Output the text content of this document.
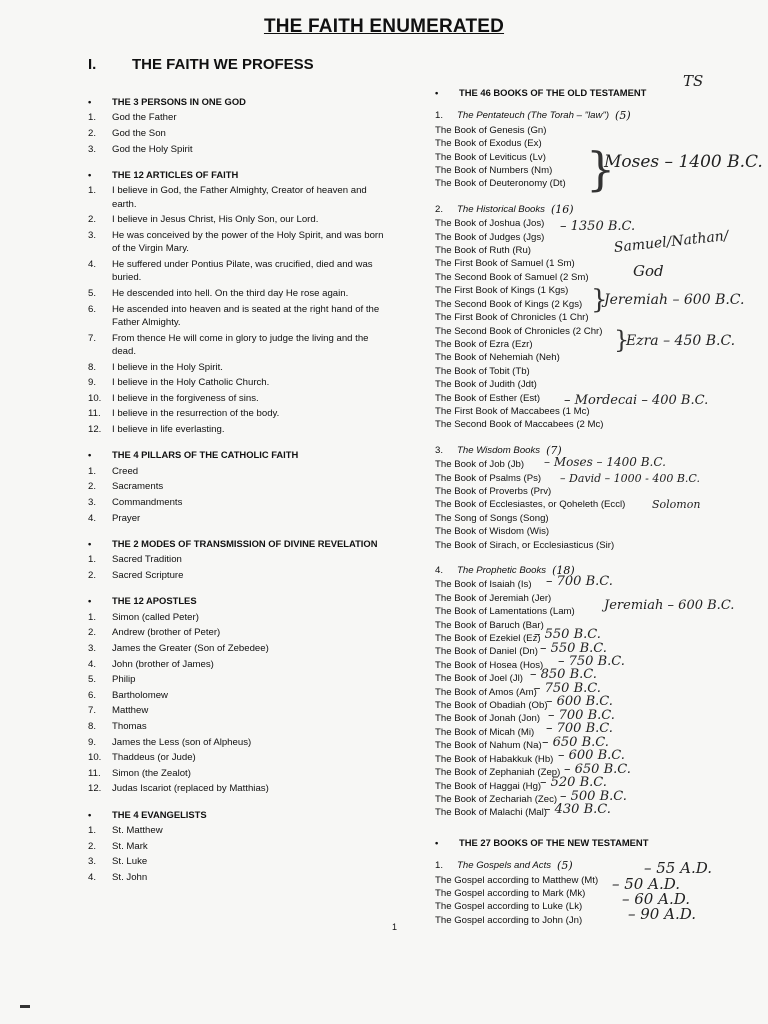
THE FAITH ENUMERATED
I. THE FAITH WE PROFESS
•	THE 3 PERSONS IN ONE GOD
1.	God the Father
2.	God the Son
3.	God the Holy Spirit
•	THE 12 ARTICLES OF FAITH
1.	I believe in God, the Father Almighty, Creator of heaven and earth.
2.	I believe in Jesus Christ, His Only Son, our Lord.
3.	He was conceived by the power of the Holy Spirit, and was born of the Virgin Mary.
4.	He suffered under Pontius Pilate, was crucified, died and was buried.
5.	He descended into hell. On the third day He rose again.
6.	He ascended into heaven and is seated at the right hand of the Father Almighty.
7.	From thence He will come in glory to judge the living and the dead.
8.	I believe in the Holy Spirit.
9.	I believe in the Holy Catholic Church.
10.	I believe in the forgiveness of sins.
11.	I believe in the resurrection of the body.
12.	I believe in life everlasting.
•	THE 4 PILLARS OF THE CATHOLIC FAITH
1.	Creed
2.	Sacraments
3.	Commandments
4.	Prayer
•	THE 2 MODES OF TRANSMISSION OF DIVINE REVELATION
1.	Sacred Tradition
2.	Sacred Scripture
•	THE 12 APOSTLES
1.	Simon (called Peter)
2.	Andrew (brother of Peter)
3.	James the Greater (Son of Zebedee)
4.	John (brother of James)
5.	Philip
6.	Bartholomew
7.	Matthew
8.	Thomas
9.	James the Less (son of Alpheus)
10.	Thaddeus (or Jude)
11.	Simon (the Zealot)
12.	Judas Iscariot (replaced by Matthias)
•	THE 4 EVANGELISTS
1.	St. Matthew
2.	St. Mark
3.	St. Luke
4.	St. John
•	THE 46 BOOKS OF THE OLD TESTAMENT
1.	The Pentateuch (The Torah – "law") (5)
The Book of Genesis (Gn)
The Book of Exodus (Ex)
The Book of Leviticus (Lv)
The Book of Numbers (Nm)
The Book of Deuteronomy (Dt)
2.	The Historical Books (16)
The Book of Joshua (Jos)
The Book of Judges (Jgs)
The Book of Ruth (Ru)
The First Book of Samuel (1 Sm)
The Second Book of Samuel (2 Sm)
The First Book of Kings (1 Kgs)
The Second Book of Kings (2 Kgs)
The First Book of Chronicles (1 Chr)
The Second Book of Chronicles (2 Chr)
The Book of Ezra (Ezr)
The Book of Nehemiah (Neh)
The Book of Tobit (Tb)
The Book of Judith (Jdt)
The Book of Esther (Est)
The First Book of Maccabees (1 Mc)
The Second Book of Maccabees (2 Mc)
3.	The Wisdom Books (7)
The Book of Job (Jb)
The Book of Psalms (Ps)
The Book of Proverbs (Prv)
The Book of Ecclesiastes, or Qoheleth (Eccl)
The Song of Songs (Song)
The Book of Wisdom (Wis)
The Book of Sirach, or Ecclesiasticus (Sir)
4.	The Prophetic Books (18)
The Book of Isaiah (Is)
The Book of Jeremiah (Jer)
The Book of Lamentations (Lam)
The Book of Baruch (Bar)
The Book of Ezekiel (Ez)
The Book of Daniel (Dn)
The Book of Hosea (Hos)
The Book of Joel (Jl)
The Book of Amos (Am)
The Book of Obadiah (Ob)
The Book of Jonah (Jon)
The Book of Micah (Mi)
The Book of Nahum (Na)
The Book of Habakkuk (Hb)
The Book of Zephaniah (Zep)
The Book of Haggai (Hg)
The Book of Zechariah (Zec)
The Book of Malachi (Mal)
•	THE 27 BOOKS OF THE NEW TESTAMENT
1.	The Gospels and Acts (5)
The Gospel according to Matthew (Mt)
The Gospel according to Mark (Mk)
The Gospel according to Luke (Lk)
The Gospel according to John (Jn)
TS
}
Moses – 1400 B.C.
– 1350 B.C.
Samuel/Nathan/
God
}
Jeremiah – 600 B.C.
}
Ezra – 450 B.C.
– Mordecai – 400 B.C.
– Moses – 1400 B.C.
– David – 1000 - 400 B.C.
Solomon
– 700 B.C.
Jeremiah – 600 B.C.
– 550 B.C.
– 550 B.C.
– 750 B.C.
– 850 B.C.
– 750 B.C.
– 600 B.C.
– 700 B.C.
– 700 B.C.
– 650 B.C.
– 600 B.C.
– 650 B.C.
– 520 B.C.
– 500 B.C.
– 430 B.C.
– 55 A.D.
– 50 A.D.
– 60 A.D.
– 90 A.D.
1
▬
